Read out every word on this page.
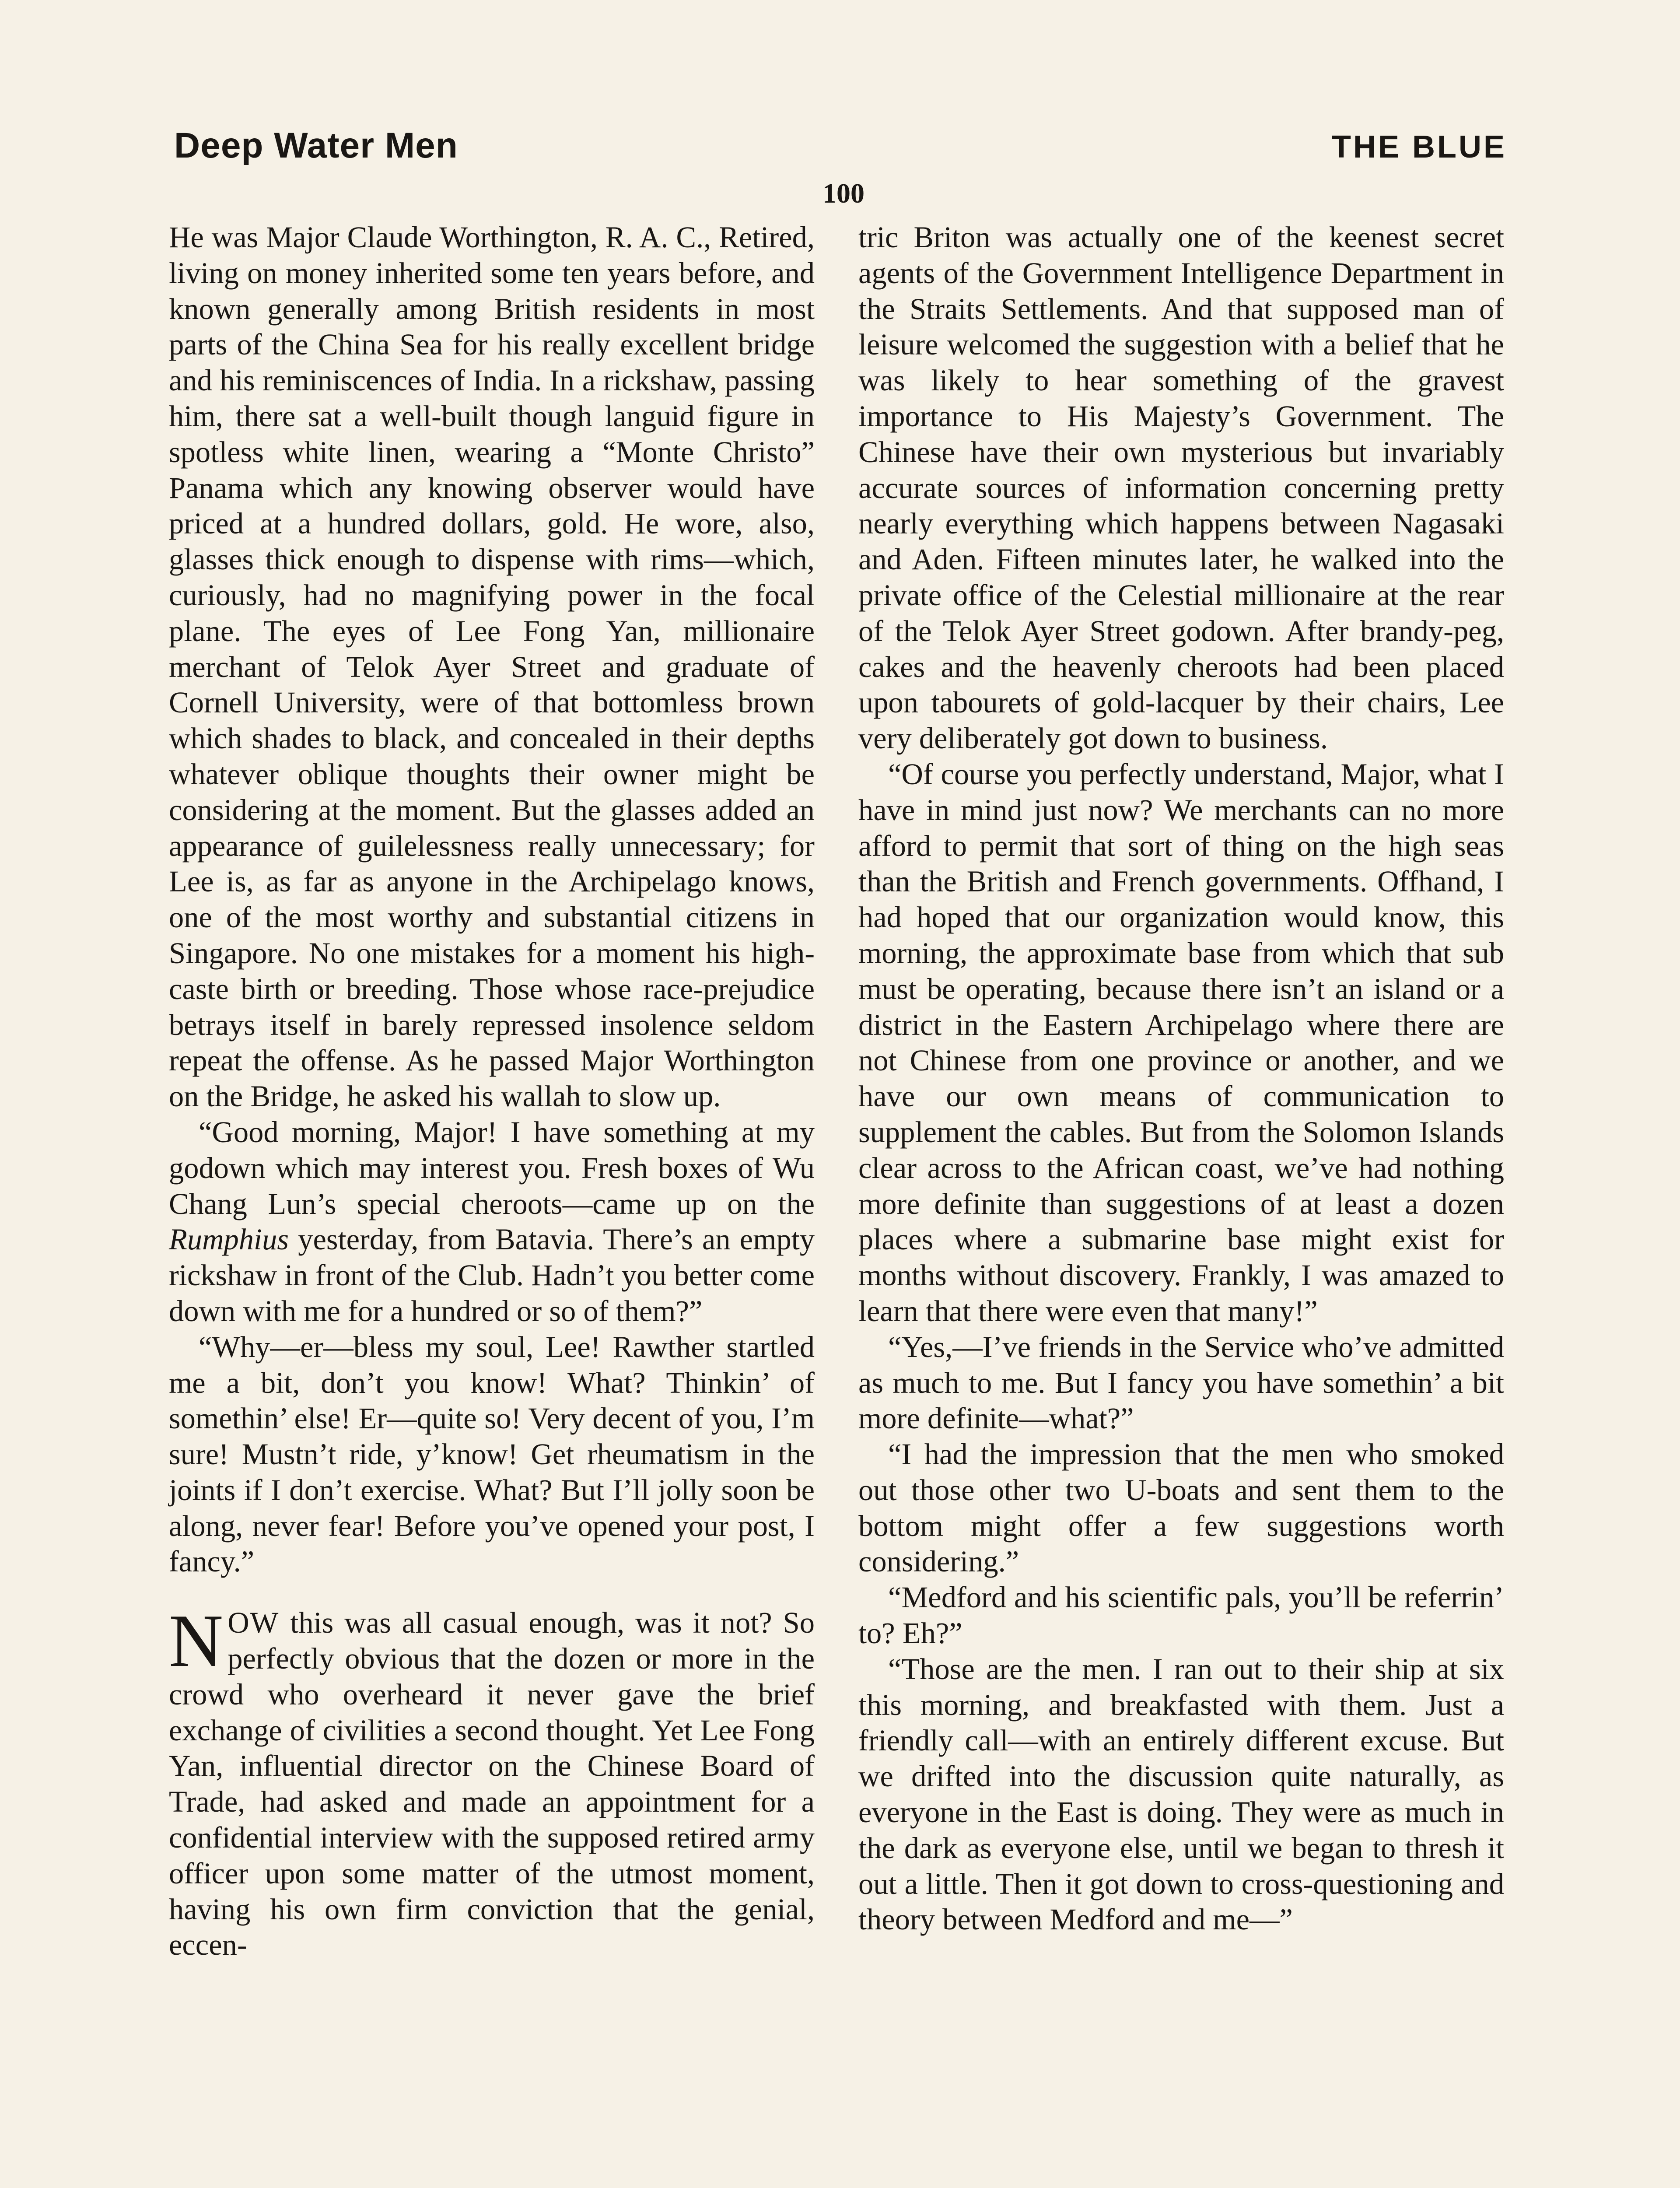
Deep Water Men	THE BLUE
100

He was Major Claude Worthington, R. A. C., Retired, living on money inherited some ten years before, and known generally among British residents in most parts of the China Sea for his really excellent bridge and his reminiscences of India. In a rickshaw, passing him, there sat a well-built though languid figure in spotless white linen, wearing a “Monte Christo” Panama which any knowing observer would have priced at a hundred dollars, gold. He wore, also, glasses thick enough to dispense with rims—which, curiously, had no magnifying power in the focal plane. The eyes of Lee Fong Yan, millionaire merchant of Telok Ayer Street and graduate of Cornell University, were of that bottomless brown which shades to black, and concealed in their depths whatever oblique thoughts their owner might be considering at the moment. But the glasses added an appearance of guilelessness really unnecessary; for Lee is, as far as anyone in the Archipelago knows, one of the most worthy and substantial citizens in Singapore. No one mistakes for a moment his high-caste birth or breeding. Those whose race-prejudice betrays itself in barely repressed insolence seldom repeat the offense. As he passed Major Worthington on the Bridge, he asked his wallah to slow up.

“Good morning, Major! I have something at my godown which may interest you. Fresh boxes of Wu Chang Lun’s special cheroots—came up on the Rumphius yesterday, from Batavia. There’s an empty rickshaw in front of the Club. Hadn’t you better come down with me for a hundred or so of them?”

“Why—er—bless my soul, Lee! Rawther startled me a bit, don’t you know! What? Thinkin’ of somethin’ else! Er—quite so! Very decent of you, I’m sure! Mustn’t ride, y’know! Get rheumatism in the joints if I don’t exercise. What? But I’ll jolly soon be along, never fear! Before you’ve opened your post, I fancy.”

NOW this was all casual enough, was it not? So perfectly obvious that the dozen or more in the crowd who overheard it never gave the brief exchange of civilities a second thought. Yet Lee Fong Yan, influential director on the Chinese Board of Trade, had asked and made an appointment for a confidential interview with the supposed retired army officer upon some matter of the utmost moment, having his own firm conviction that the genial, eccen-

tric Briton was actually one of the keenest secret agents of the Government Intelligence Department in the Straits Settlements. And that supposed man of leisure welcomed the suggestion with a belief that he was likely to hear something of the gravest importance to His Majesty’s Government. The Chinese have their own mysterious but invariably accurate sources of information concerning pretty nearly everything which happens between Nagasaki and Aden. Fifteen minutes later, he walked into the private office of the Celestial millionaire at the rear of the Telok Ayer Street godown. After brandy-peg, cakes and the heavenly cheroots had been placed upon tabourets of gold-lacquer by their chairs, Lee very deliberately got down to business.

“Of course you perfectly understand, Major, what I have in mind just now? We merchants can no more afford to permit that sort of thing on the high seas than the British and French governments. Offhand, I had hoped that our organization would know, this morning, the approximate base from which that sub must be operating, because there isn’t an island or a district in the Eastern Archipelago where there are not Chinese from one province or another, and we have our own means of communication to supplement the cables. But from the Solomon Islands clear across to the African coast, we’ve had nothing more definite than suggestions of at least a dozen places where a submarine base might exist for months without discovery. Frankly, I was amazed to learn that there were even that many!”

“Yes,—I’ve friends in the Service who’ve admitted as much to me. But I fancy you have somethin’ a bit more definite—what?”

“I had the impression that the men who smoked out those other two U-boats and sent them to the bottom might offer a few suggestions worth considering.”

“Medford and his scientific pals, you’ll be referrin’ to? Eh?”

“Those are the men. I ran out to their ship at six this morning, and breakfasted with them. Just a friendly call—with an entirely different excuse. But we drifted into the discussion quite naturally, as everyone in the East is doing. They were as much in the dark as everyone else, until we began to thresh it out a little. Then it got down to cross-questioning and theory between Medford and me—”
